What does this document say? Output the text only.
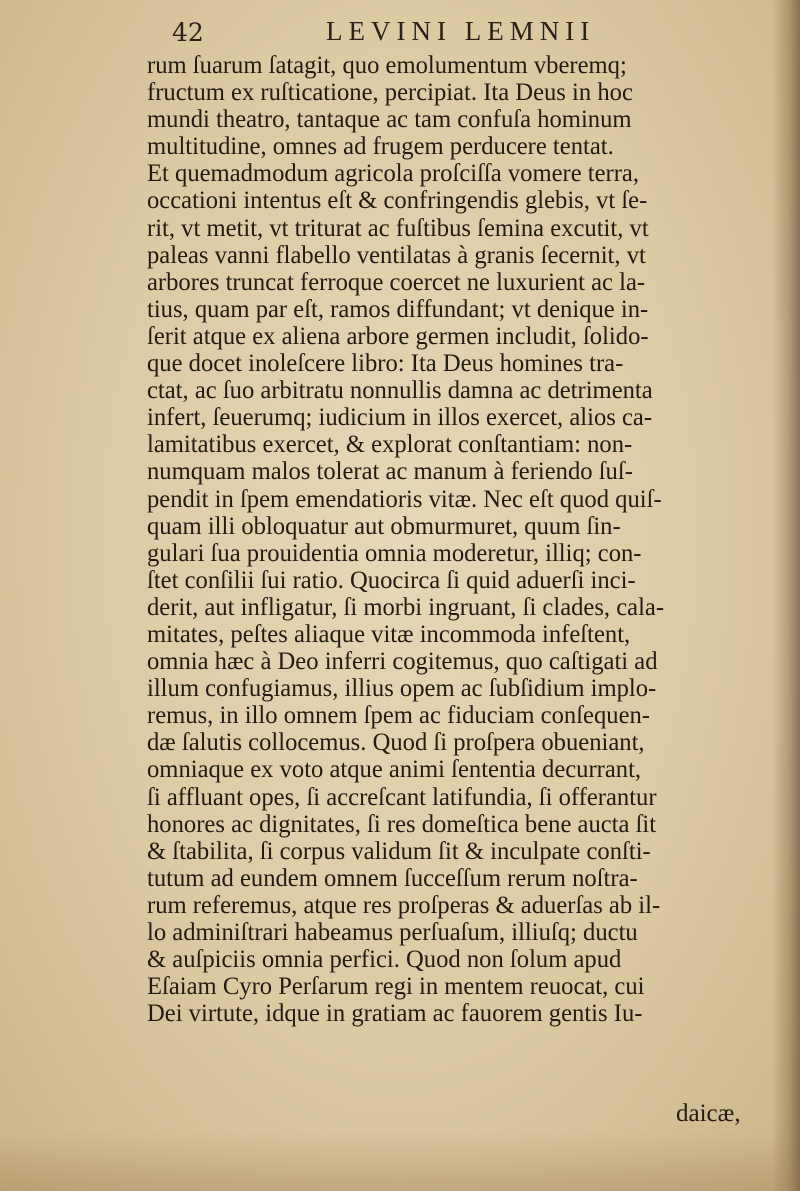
42	LEVINI LEMNII
rum ſuarum ſatagit, quo emolumentum vberemq;
fructum ex ruſticatione, percipiat. Ita Deus in hoc
mundi theatro, tantaque ac tam confuſa hominum
multitudine, omnes ad frugem perducere tentat.
Et quemadmodum agricola proſciſſa vomere terra,
occationi intentus eſt & confringendis glebis, vt ſe-
rit, vt metit, vt triturat ac fuſtibus ſemina excutit, vt
paleas vanni flabello ventilatas à granis ſecernit, vt
arbores truncat ferroque coercet ne luxurient ac la-
tius, quam par eſt, ramos diffundant; vt denique in-
ſerit atque ex aliena arbore germen includit, ſolido-
que docet inoleſcere libro: Ita Deus homines tra-
ctat, ac ſuo arbitratu nonnullis damna ac detrimenta
infert, ſeuerumq; iudicium in illos exercet, alios ca-
lamitatibus exercet, & explorat conſtantiam: non-
numquam malos tolerat ac manum à feriendo ſuſ-
pendit in ſpem emendatioris vitæ. Nec eſt quod quiſ-
quam illi obloquatur aut obmurmuret, quum ſin-
gulari ſua prouidentia omnia moderetur, illiq; con-
ſtet conſilii ſui ratio. Quocirca ſi quid aduerſi inci-
derit, aut infligatur, ſi morbi ingruant, ſi clades, cala-
mitates, peſtes aliaque vitæ incommoda infeſtent,
omnia hæc à Deo inferri cogitemus, quo caſtigati ad
illum confugiamus, illius opem ac ſubſidium implo-
remus, in illo omnem ſpem ac fiduciam conſequen-
dæ ſalutis collocemus. Quod ſi proſpera obueniant,
omniaque ex voto atque animi ſententia decurrant,
ſi affluant opes, ſi accreſcant latifundia, ſi offerantur
honores ac dignitates, ſi res domeſtica bene aucta ſit
& ſtabilita, ſi corpus validum ſit & inculpate conſti-
tutum ad eundem omnem ſucceſſum rerum noſtra-
rum referemus, atque res proſperas & aduerſas ab il-
lo adminiſtrari habeamus perſuaſum, illiuſq; ductu
& auſpiciis omnia perfici. Quod non ſolum apud
Eſaiam Cyro Perſarum regi in mentem reuocat, cui
Dei virtute, idque in gratiam ac fauorem gentis Iu-
daicæ,
